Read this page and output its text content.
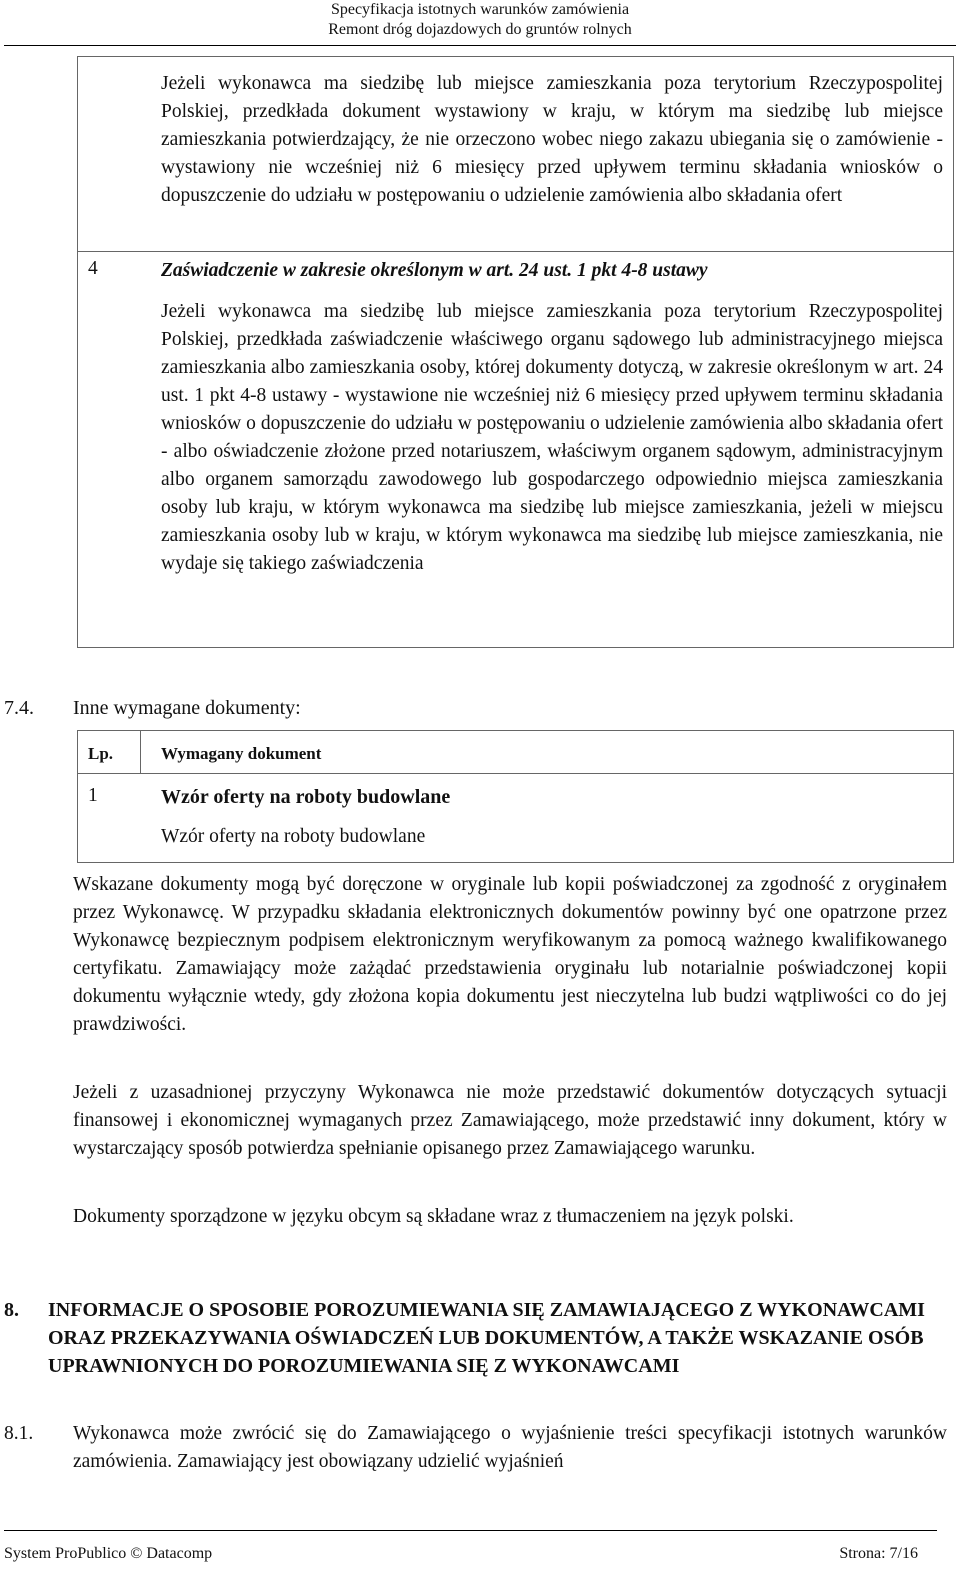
Specyfikacja istotnych warunków zamówienia
Remont dróg dojazdowych do gruntów rolnych
Jeżeli wykonawca ma siedzibę lub miejsce zamieszkania poza terytorium Rzeczypospolitej Polskiej, przedkłada dokument wystawiony w kraju, w którym ma siedzibę lub miejsce zamieszkania potwierdzający, że nie orzeczono wobec niego zakazu ubiegania się o zamówienie - wystawiony nie wcześniej niż 6 miesięcy przed upływem terminu składania wniosków o dopuszczenie do udziału w postępowaniu o udzielenie zamówienia albo składania ofert
4	Zaświadczenie w zakresie określonym w art. 24 ust. 1 pkt 4-8 ustawy
Jeżeli wykonawca ma siedzibę lub miejsce zamieszkania poza terytorium Rzeczypospolitej Polskiej, przedkłada zaświadczenie właściwego organu sądowego lub administracyjnego miejsca zamieszkania albo zamieszkania osoby, której dokumenty dotyczą, w zakresie określonym w art. 24 ust. 1 pkt 4-8 ustawy - wystawione nie wcześniej niż 6 miesięcy przed upływem terminu składania wniosków o dopuszczenie do udziału w postępowaniu o udzielenie zamówienia albo składania ofert - albo oświadczenie złożone przed notariuszem, właściwym organem sądowym, administracyjnym albo organem samorządu zawodowego lub gospodarczego odpowiednio miejsca zamieszkania osoby lub kraju, w którym wykonawca ma siedzibę lub miejsce zamieszkania, jeżeli w miejscu zamieszkania osoby lub w kraju, w którym wykonawca ma siedzibę lub miejsce zamieszkania, nie wydaje się takiego zaświadczenia
7.4.	Inne wymagane dokumenty:
Lp.	Wymagany dokument
1	Wzór oferty na roboty budowlane
Wzór oferty na roboty budowlane
Wskazane dokumenty mogą być doręczone w oryginale lub kopii poświadczonej za zgodność z oryginałem przez Wykonawcę. W przypadku składania elektronicznych dokumentów powinny być one opatrzone przez Wykonawcę bezpiecznym podpisem elektronicznym weryfikowanym za pomocą ważnego kwalifikowanego certyfikatu. Zamawiający może zażądać przedstawienia oryginału lub notarialnie poświadczonej kopii dokumentu wyłącznie wtedy, gdy złożona kopia dokumentu jest nieczytelna lub budzi wątpliwości co do jej prawdziwości.
Jeżeli z uzasadnionej przyczyny Wykonawca nie może przedstawić dokumentów dotyczących sytuacji finansowej i ekonomicznej wymaganych przez Zamawiającego, może przedstawić inny dokument, który w wystarczający sposób potwierdza spełnianie opisanego przez Zamawiającego warunku.
Dokumenty sporządzone w języku obcym są składane wraz z tłumaczeniem na język polski.
8.	INFORMACJE O SPOSOBIE POROZUMIEWANIA SIĘ ZAMAWIAJĄCEGO Z WYKONAWCAMI ORAZ PRZEKAZYWANIA OŚWIADCZEŃ LUB DOKUMENTÓW, A TAKŻE WSKAZANIE OSÓB UPRAWNIONYCH DO POROZUMIEWANIA SIĘ Z WYKONAWCAMI
8.1.	Wykonawca może zwrócić się do Zamawiającego o wyjaśnienie treści specyfikacji istotnych warunków zamówienia. Zamawiający jest obowiązany udzielić wyjaśnień
System ProPublico © Datacomp	Strona: 7/16
